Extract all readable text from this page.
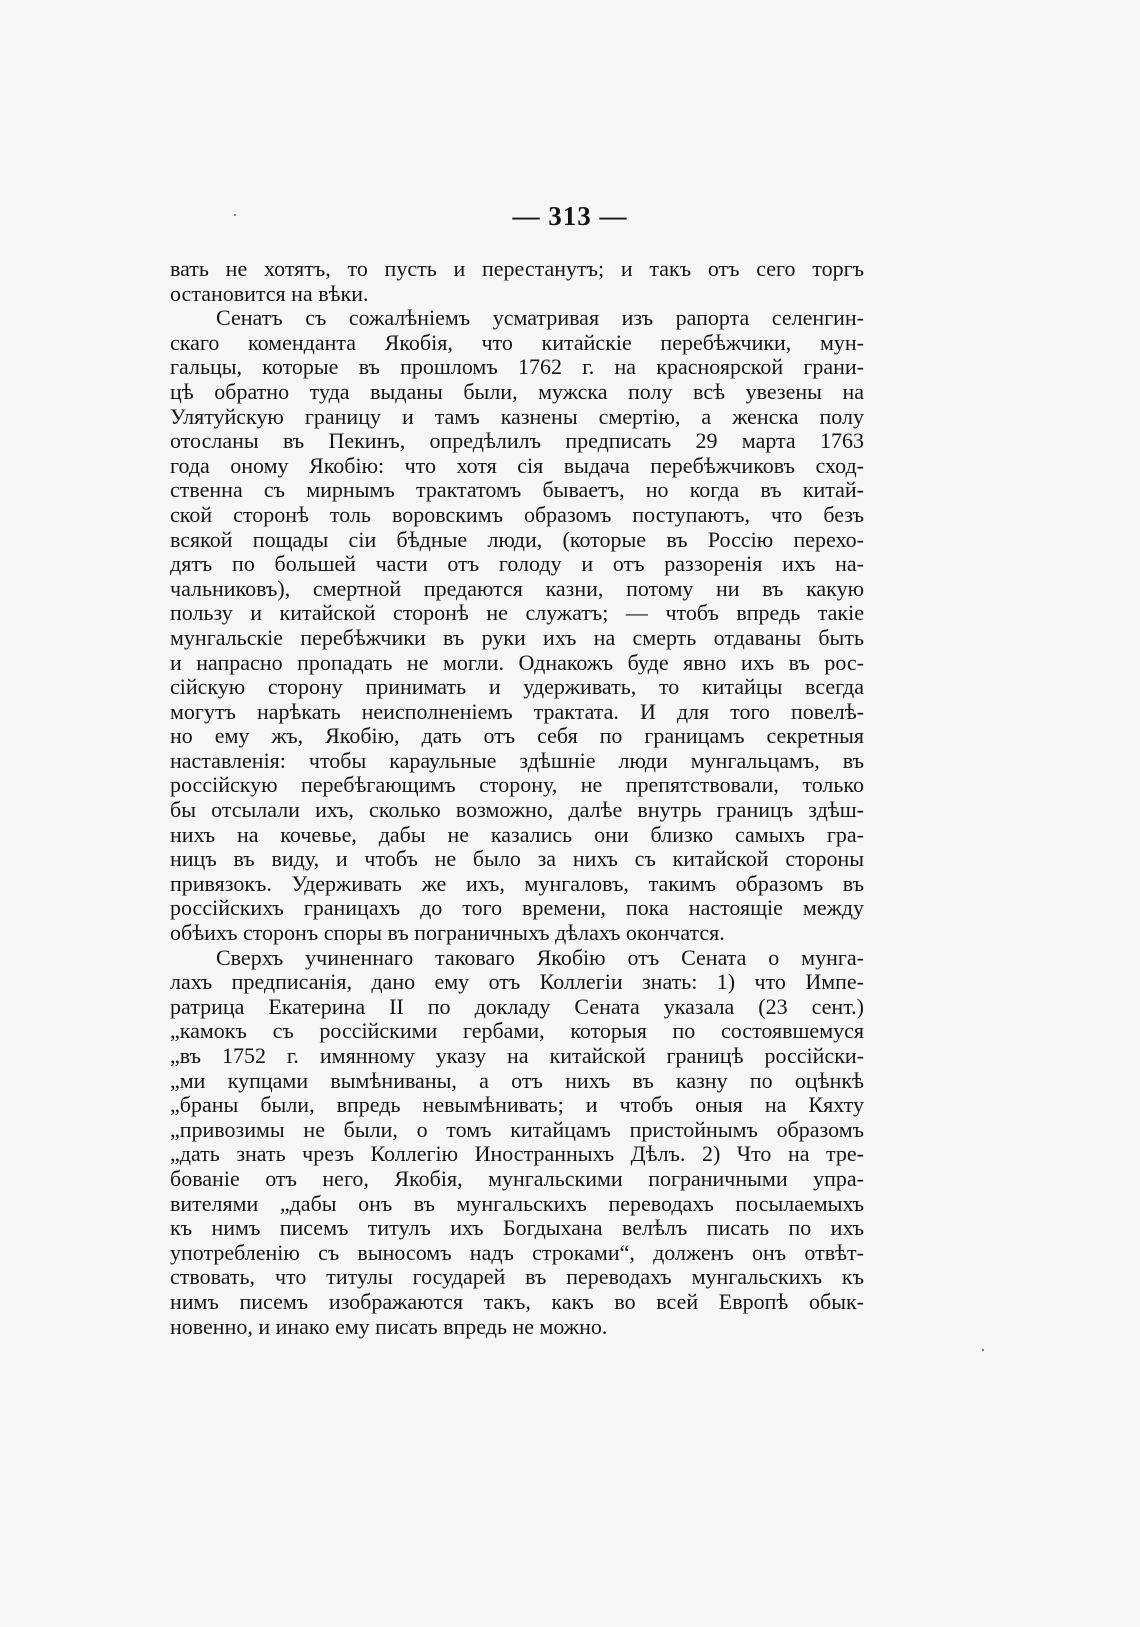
— 313 —
вать не хотятъ, то пусть и перестанутъ; и такъ отъ сего торгъ
остановится на вѣки.
Сенатъ съ сожалѣніемъ усматривая изъ рапорта селенгин-
скаго коменданта Якобія, что китайскіе перебѣжчики, мун-
гальцы, которые въ прошломъ 1762 г. на красноярской грани-
цѣ обратно туда выданы были, мужска полу всѣ увезены на
Улятуйскую границу и тамъ казнены смертію, а женска полу
отосланы въ Пекинъ, опредѣлилъ предписать 29 марта 1763
года оному Якобію: что хотя сія выдача перебѣжчиковъ сход-
ственна съ мирнымъ трактатомъ бываетъ, но когда въ китай-
ской сторонѣ толь воровскимъ образомъ поступаютъ, что безъ
всякой пощады сіи бѣдные люди, (которые въ Россію перехо-
дятъ по большей части отъ голоду и отъ раззоренія ихъ на-
чальниковъ), смертной предаются казни, потому ни въ какую
пользу и китайской сторонѣ не служатъ; — чтобъ впредь такіе
мунгальскіе перебѣжчики въ руки ихъ на смерть отдаваны быть
и напрасно пропадать не могли. Однакожъ буде явно ихъ въ рос-
сійскую сторону принимать и удерживать, то китайцы всегда
могутъ нарѣкать неисполненіемъ трактата. И для того повелѣ-
но ему жъ, Якобію, дать отъ себя по границамъ секретныя
наставленія: чтобы караульные здѣшніе люди мунгальцамъ, въ
россійскую перебѣгающимъ сторону, не препятствовали, только
бы отсылали ихъ, сколько возможно, далѣе внутрь границъ здѣш-
нихъ на кочевье, дабы не казались они близко самыхъ гра-
ницъ въ виду, и чтобъ не было за нихъ съ китайской стороны
привязокъ. Удерживать же ихъ, мунгаловъ, такимъ образомъ въ
россійскихъ границахъ до того времени, пока настоящіе между
обѣихъ сторонъ споры въ пограничныхъ дѣлахъ окончатся.
Сверхъ учиненнаго таковаго Якобію отъ Сената о мунга-
лахъ предписанія, дано ему отъ Коллегіи знать: 1) что Импе-
ратрица Екатерина II по докладу Сената указала (23 сент.)
„камокъ съ россійскими гербами, которыя по состоявшемуся
„въ 1752 г. имянному указу на китайской границѣ россійски-
„ми купцами вымѣниваны, а отъ нихъ въ казну по оцѣнкѣ
„браны были, впредь невымѣнивать; и чтобъ оныя на Кяхту
„привозимы не были, о томъ китайцамъ пристойнымъ образомъ
„дать знать чрезъ Коллегію Иностранныхъ Дѣлъ. 2) Что на тре-
бованіе отъ него, Якобія, мунгальскими пограничными упра-
вителями „дабы онъ въ мунгальскихъ переводахъ посылаемыхъ
къ нимъ писемъ титулъ ихъ Богдыхана велѣлъ писать по ихъ
употребленію съ выносомъ надъ строками“, долженъ онъ отвѣт-
ствовать, что титулы государей въ переводахъ мунгальскихъ къ
нимъ писемъ изображаются такъ, какъ во всей Европѣ обык-
новенно, и инако ему писать впредь не можно.
